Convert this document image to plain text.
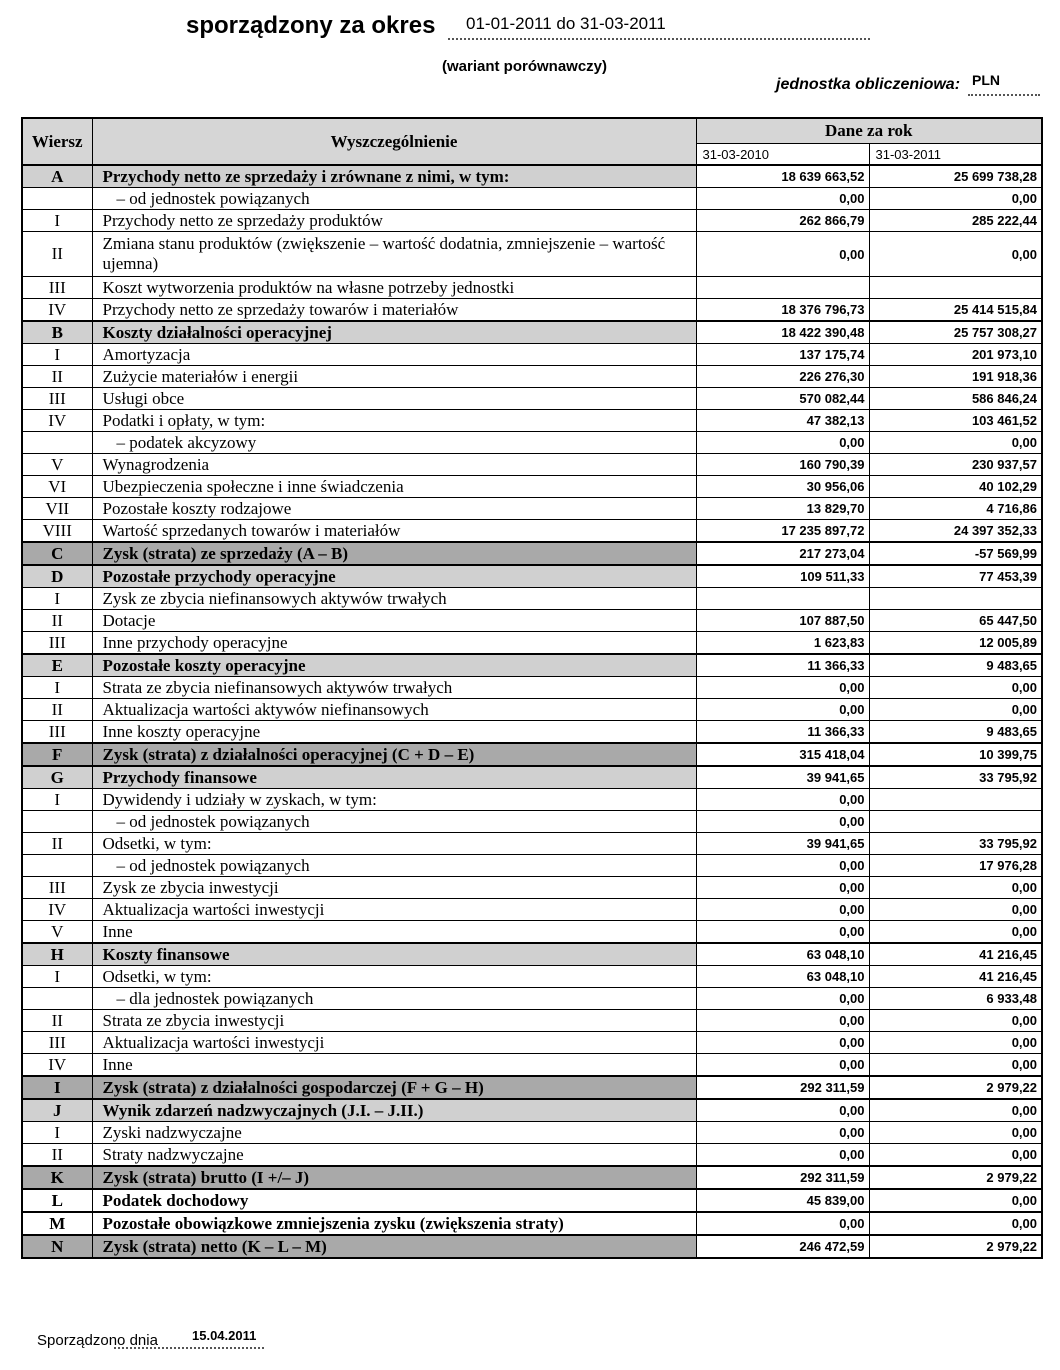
sporządzony za okres	01-01-2011 do 31-03-2011
(wariant porównawczy)
jednostka obliczeniowa: PLN
Wiersz	Wyszczególnienie	Dane za rok	
		31-03-2010	31-03-2011
A	Przychody netto ze sprzedaży i zrównane z nimi, w tym:	18 639 663,52	25 699 738,28
	– od jednostek powiązanych	0,00	0,00
I	Przychody netto ze sprzedaży produktów	262 866,79	285 222,44
II	Zmiana stanu produktów (zwiększenie – wartość dodatnia, zmniejszenie – wartość ujemna)	0,00	0,00
III	Koszt wytworzenia produktów na własne potrzeby jednostki		
IV	Przychody netto ze sprzedaży towarów i materiałów	18 376 796,73	25 414 515,84
B	Koszty działalności operacyjnej	18 422 390,48	25 757 308,27
I	Amortyzacja	137 175,74	201 973,10
II	Zużycie materiałów i energii	226 276,30	191 918,36
III	Usługi obce	570 082,44	586 846,24
IV	Podatki i opłaty, w tym:	47 382,13	103 461,52
	– podatek akcyzowy	0,00	0,00
V	Wynagrodzenia	160 790,39	230 937,57
VI	Ubezpieczenia społeczne i inne świadczenia	30 956,06	40 102,29
VII	Pozostałe koszty rodzajowe	13 829,70	4 716,86
VIII	Wartość sprzedanych towarów i materiałów	17 235 897,72	24 397 352,33
C	Zysk (strata) ze sprzedaży (A – B)	217 273,04	-57 569,99
D	Pozostałe przychody operacyjne	109 511,33	77 453,39
I	Zysk ze zbycia niefinansowych aktywów trwałych		
II	Dotacje	107 887,50	65 447,50
III	Inne przychody operacyjne	1 623,83	12 005,89
E	Pozostałe koszty operacyjne	11 366,33	9 483,65
I	Strata ze zbycia niefinansowych aktywów trwałych	0,00	0,00
II	Aktualizacja wartości aktywów niefinansowych	0,00	0,00
III	Inne koszty operacyjne	11 366,33	9 483,65
F	Zysk (strata) z działalności operacyjnej (C + D – E)	315 418,04	10 399,75
G	Przychody finansowe	39 941,65	33 795,92
I	Dywidendy i udziały w zyskach, w tym:	0,00	
	– od jednostek powiązanych	0,00	
II	Odsetki, w tym:	39 941,65	33 795,92
	– od jednostek powiązanych	0,00	17 976,28
III	Zysk ze zbycia inwestycji	0,00	0,00
IV	Aktualizacja wartości inwestycji	0,00	0,00
V	Inne	0,00	0,00
H	Koszty finansowe	63 048,10	41 216,45
I	Odsetki, w tym:	63 048,10	41 216,45
	– dla jednostek powiązanych	0,00	6 933,48
II	Strata ze zbycia inwestycji	0,00	0,00
III	Aktualizacja wartości inwestycji	0,00	0,00
IV	Inne	0,00	0,00
I	Zysk (strata) z działalności gospodarczej (F + G – H)	292 311,59	2 979,22
J	Wynik zdarzeń nadzwyczajnych (J.I. – J.II.)	0,00	0,00
I	Zyski nadzwyczajne	0,00	0,00
II	Straty nadzwyczajne	0,00	0,00
K	Zysk (strata) brutto (I +/– J)	292 311,59	2 979,22
L	Podatek dochodowy	45 839,00	0,00
M	Pozostałe obowiązkowe zmniejszenia zysku (zwiększenia straty)	0,00	0,00
N	Zysk (strata) netto (K – L – M)	246 472,59	2 979,22
Sporządzono dnia	15.04.2011
